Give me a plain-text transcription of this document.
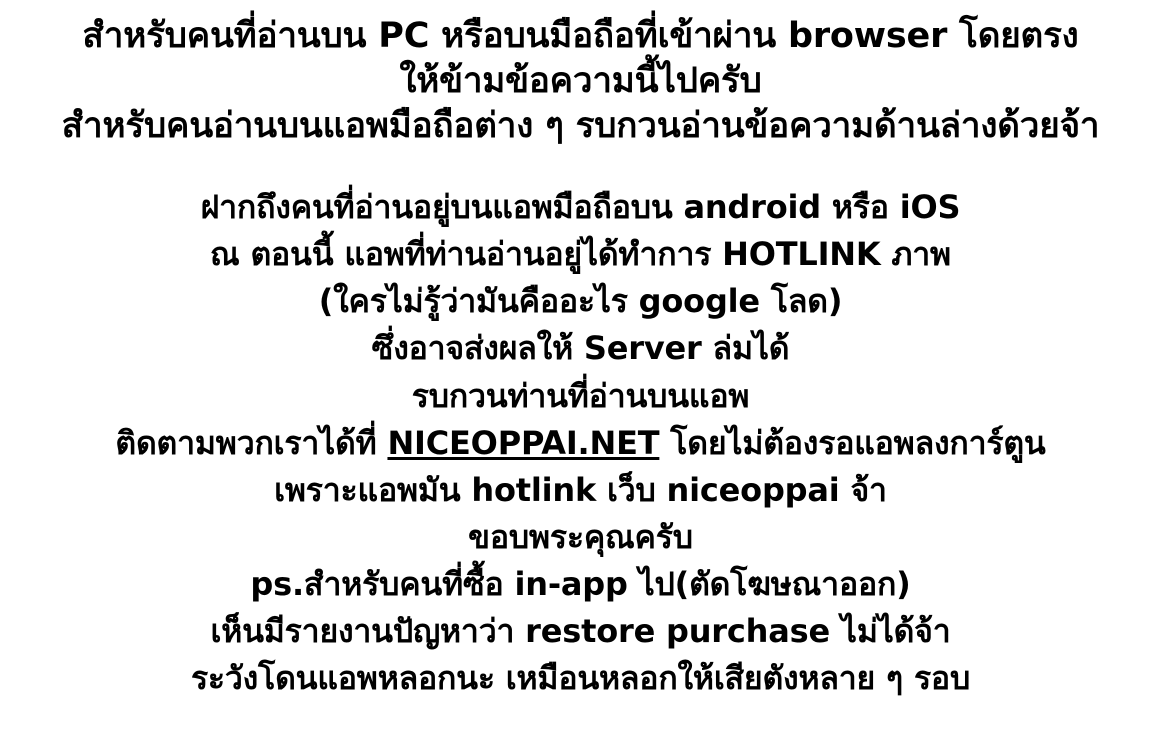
สำหรับคนที่อ่านบน PC หรือบนมือถือที่เข้าผ่าน browser โดยตรง
ให้ข้ามข้อความนี้ไปครับ
สำหรับคนอ่านบนแอพมือถือต่าง ๆ รบกวนอ่านข้อความด้านล่างด้วยจ้า
ฝากถึงคนที่อ่านอยู่บนแอพมือถือบน android หรือ iOS
ณ ตอนนี้ แอพที่ท่านอ่านอยู่ได้ทำการ HOTLINK ภาพ
(ใครไม่รู้ว่ามันคืออะไร google โลด)
ซึ่งอาจส่งผลให้ Server ล่มได้
รบกวนท่านที่อ่านบนแอพ
ติดตามพวกเราได้ที่ NICEOPPAI.NET โดยไม่ต้องรอแอพลงการ์ตูน
เพราะแอพมัน hotlink เว็บ niceoppai จ้า
ขอบพระคุณครับ
ps.สำหรับคนที่ซื้อ in-app ไป(ตัดโฆษณาออก)
เห็นมีรายงานปัญหาว่า restore purchase ไม่ได้จ้า
ระวังโดนแอพหลอกนะ เหมือนหลอกให้เสียตังหลาย ๆ รอบ
